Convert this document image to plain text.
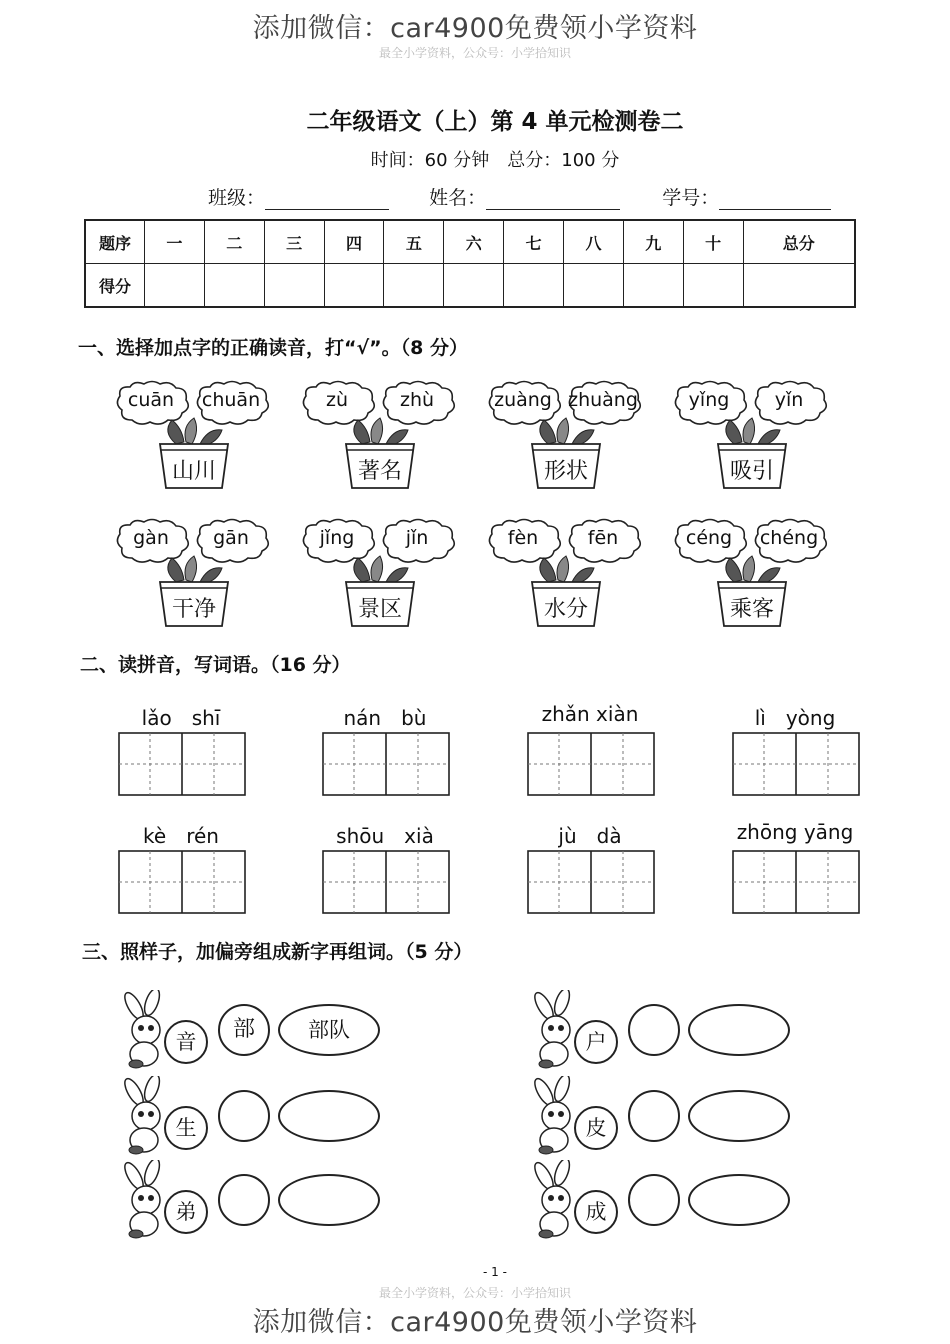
添加微信：car4900免费领小学资料
最全小学资料，公众号：小学拾知识
二年级语文（上）第 4 单元检测卷二
时间：60 分钟　总分：100 分
班级：	姓名：	学号：
题序	一	二	三	四	五	六	七	八	九	十	总分
得分											
一、选择加点字的正确读音，打“√”。（8 分）
cuān	chuān
山川
zù	zhù
著名
zuàng zhuàng
形状
yǐng	yǐn
吸引
gàn	gān
干净
jǐng	jǐn
景区
fèn	fēn
水分
céng	chéng
乘客
二、读拼音，写词语。（16 分）
lǎo　shī	nán　bù	zhǎn xiàn	lì　yòng
kè　rén	shōu　xià	jù　dà	zhōng yāng
三、照样子，加偏旁组成新字再组词。（5 分）
音	部	部队	户
生	皮
弟	成
- 1 -
最全小学资料，公众号：小学拾知识
添加微信：car4900免费领小学资料
